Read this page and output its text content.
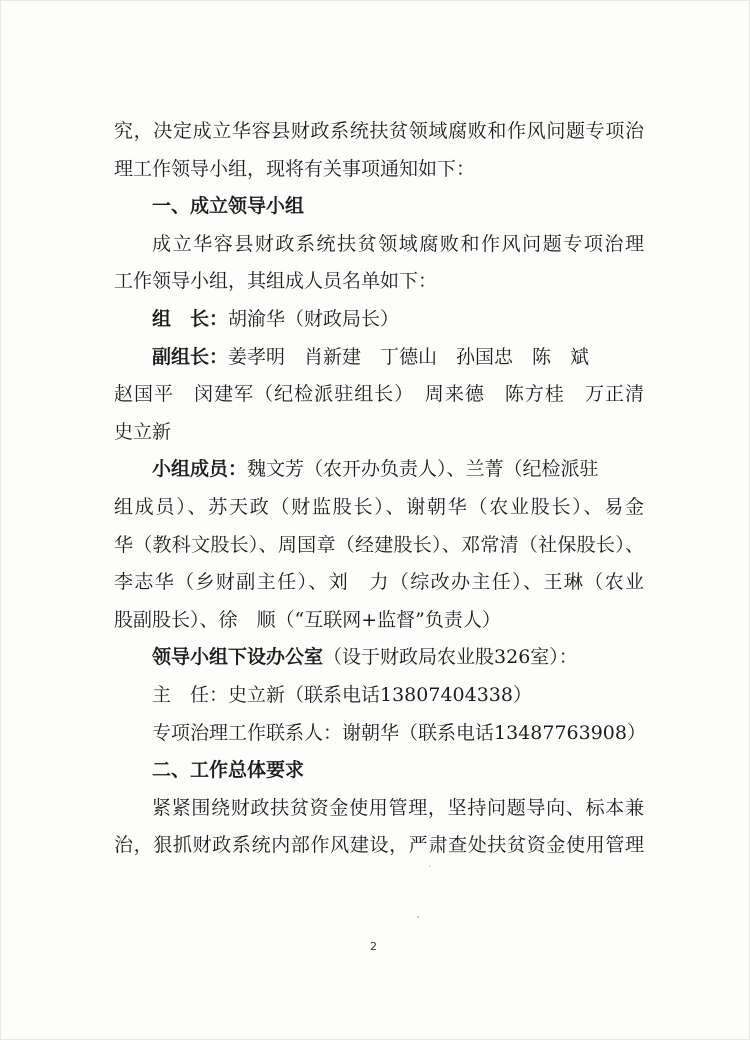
究，决定成立华容县财政系统扶贫领域腐败和作风问题专项治
理工作领导小组，现将有关事项通知如下：
一、成立领导小组
成立华容县财政系统扶贫领域腐败和作风问题专项治理
工作领导小组，其组成人员名单如下：
组　长：胡渝华（财政局长）
副组长：姜孝明　肖新建　丁德山　孙国忠　陈　斌
赵国平　闵建军（纪检派驻组长）　周来德　陈方桂　万正清
史立新
小组成员：魏文芳（农开办负责人）、兰菁（纪检派驻
组成员）、苏天政（财监股长）、谢朝华（农业股长）、易金
华（教科文股长）、周国章（经建股长）、邓常清（社保股长）、
李志华（乡财副主任）、刘　力（综改办主任）、王琳（农业
股副股长）、徐　顺（“互联网+监督”负责人）
领导小组下设办公室（设于财政局农业股326室）：
主　任：史立新（联系电话13807404338）
专项治理工作联系人：谢朝华（联系电话13487763908）
二、工作总体要求
紧紧围绕财政扶贫资金使用管理，坚持问题导向、标本兼
治，狠抓财政系统内部作风建设，严肃查处扶贫资金使用管理
2
